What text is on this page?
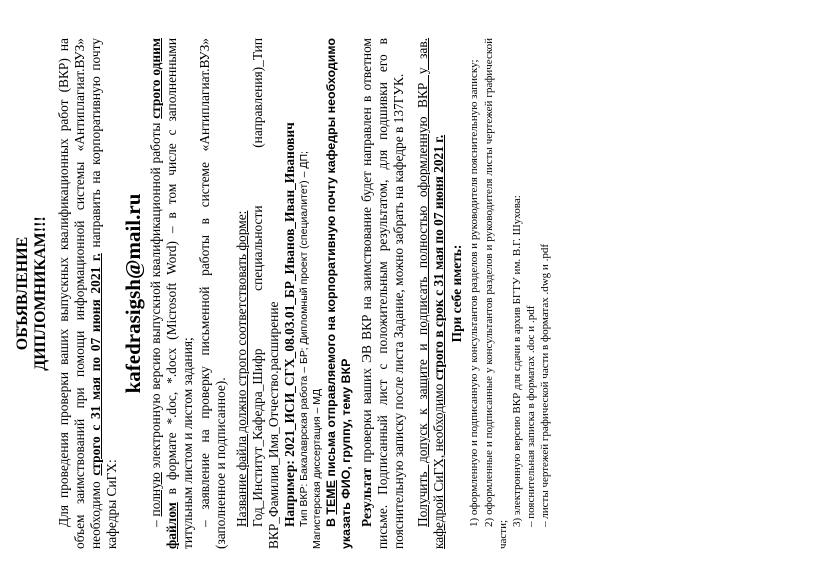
ОБЪЯВЛЕНИЕ ДИПЛОМНИКАМ!!! Для проведения проверки ваших выпускных квалификационных работ (ВКР) на объем заимствований при помощи информационной системы «Антиплагиат.ВУЗ» необходимо строго с 31 мая по 07 июня 2021 г. направить на корпоративную почту кафедры СиГХ:

kafedrasigsh@mail.ru

– полную электронную версию выпускной квалификационной работы строго одним файлом в формате *.doc, *.docx (Microsoft Word) – в том числе с заполненными титульным листом и листом задания; – заявление на проверку письменной работы в системе «Антиплагиат.ВУЗ» (заполненное и подписанное). Название файла должно строго соответствовать форме: Год_Институт_Кафедра_Шифр специальности (направления)_Тип ВКР_Фамилия_Имя_Отчество.расширение Например: 2021_ИСИ_СГХ_08.03.01_БР_Иванов_Иван_Иванович Тип ВКР: Бакалаврская работа – БР; Дипломный проект (специалитет) – ДП; Магистерская диссертация – МД В ТЕМЕ письма отправляемого на корпоративную почту кафедры необходимо указать ФИО, группу, тему ВКР Результат проверки ваших ЭВ ВКР на заимствование будет направлен в ответном письме. Подписанный лист с положительным результатом, для подшивки его в пояснительную записку после листа Задание, можно забрать на кафедре в 137ГУК. Получить допуск к защите и подписать полностью оформленную ВКР у зав. кафедрой СиГХ, необходимо строго в срок с 31 мая по 07 июня 2021 г. При себе иметь: 1) оформленную и подписанную у консультантов разделов и руководителя пояснительную записку; 2) оформленные и подписанные у консультантов разделов и руководителя листы чертежей графической части;

3) электронную версию ВКР для сдачи в архив БГТУ им. В.Г. Шухова: – пояснительная записка в форматах .doc и .pdf – листы чертежей графической части в форматах .dwg и .pdf
